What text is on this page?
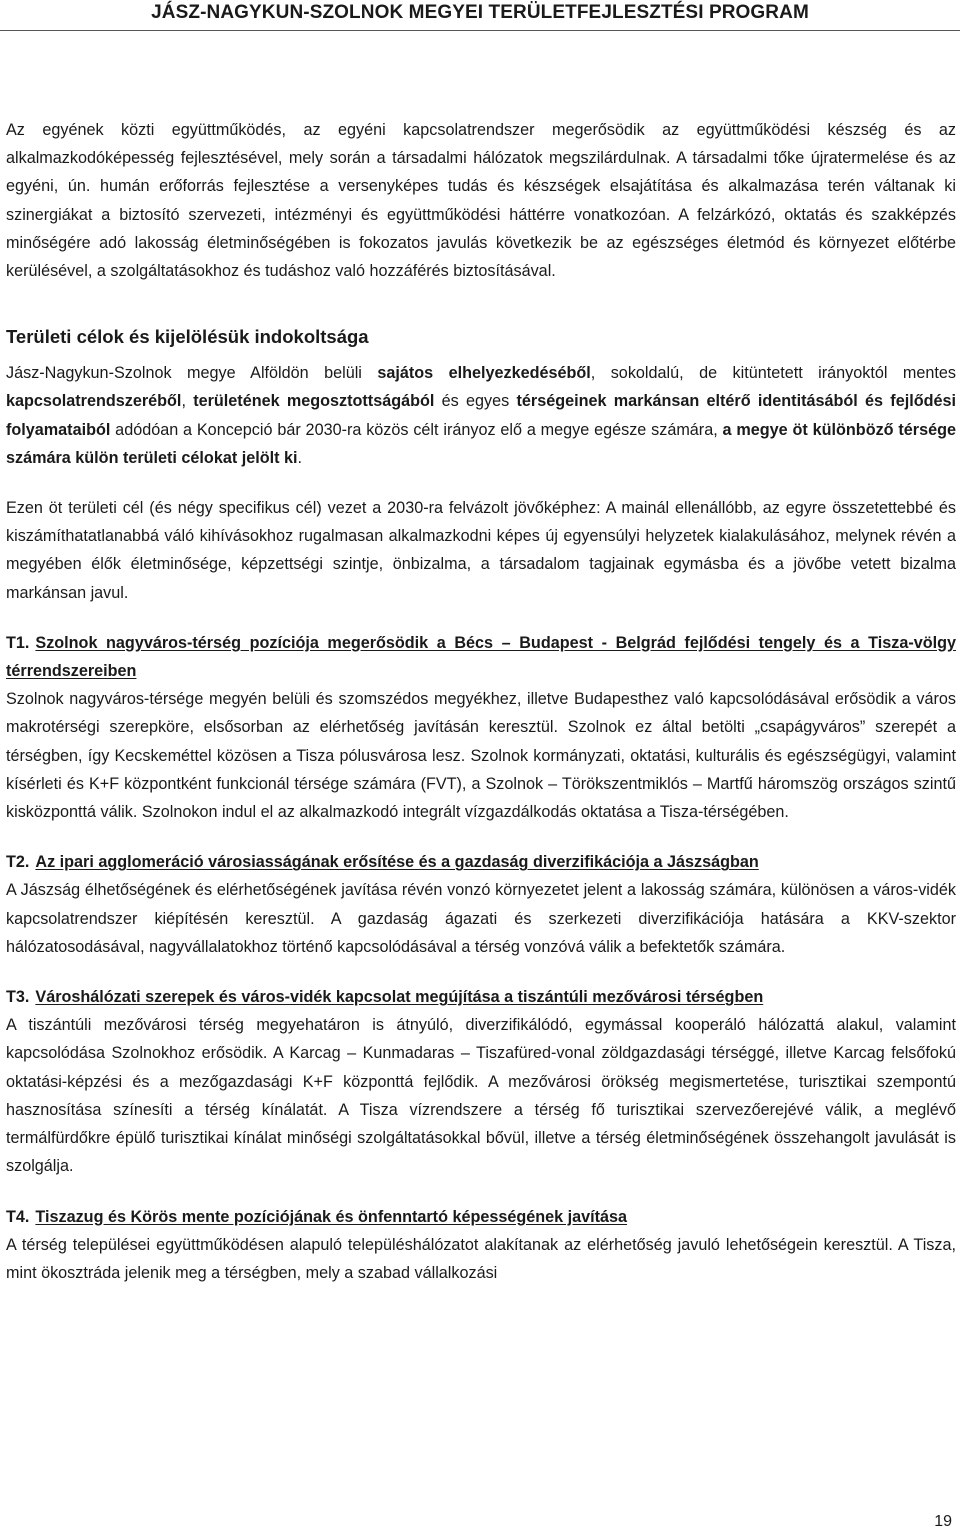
JÁSZ-NAGYKUN-SZOLNOK MEGYEI TERÜLETFEJLESZTÉSI PROGRAM

Az egyének közti együttműködés, az egyéni kapcsolatrendszer megerősödik az együttműködési készség és az alkalmazkodóképesség fejlesztésével, mely során a társadalmi hálózatok megszilárdulnak. A társadalmi tőke újratermelése és az egyéni, ún. humán erőforrás fejlesztése a versenyképes tudás és készségek elsajátítása és alkalmazása terén váltanak ki szinergiákat a biztosító szervezeti, intézményi és együttműködési háttérre vonatkozóan. A felzárkózó, oktatás és szakképzés minőségére adó lakosság életminőségében is fokozatos javulás következik be az egészséges életmód és környezet előtérbe kerülésével, a szolgáltatásokhoz és tudáshoz való hozzáférés biztosításával.

Területi célok és kijelölésük indokoltsága

Jász-Nagykun-Szolnok megye Alföldön belüli sajátos elhelyezkedéséből, sokoldalú, de kitüntetett irányoktól mentes kapcsolatrendszeréből, területének megosztottságából és egyes térségeinek markánsan eltérő identitásából és fejlődési folyamataiból adódóan a Koncepció bár 2030-ra közös célt irányoz elő a megye egésze számára, a megye öt különböző térsége számára külön területi célokat jelölt ki.

Ezen öt területi cél (és négy specifikus cél) vezet a 2030-ra felvázolt jövőképhez: A mainál ellenállóbb, az egyre összetettebbé és kiszámíthatatlanabbá váló kihívásokhoz rugalmasan alkalmazkodni képes új egyensúlyi helyzetek kialakulásához, melynek révén a megyében élők életminősége, képzettségi szintje, önbizalma, a társadalom tagjainak egymásba és a jövőbe vetett bizalma markánsan javul.

T1. Szolnok nagyváros-térség pozíciója megerősödik a Bécs – Budapest - Belgrád fejlődési tengely és a Tisza-völgy térrendszereiben

Szolnok nagyváros-térsége megyén belüli és szomszédos megyékhez, illetve Budapesthez való kapcsolódásával erősödik a város makrotérségi szerepköre, elsősorban az elérhetőség javításán keresztül. Szolnok ez által betölti „csapágyváros” szerepét a térségben, így Kecskeméttel közösen a Tisza pólusvárosa lesz. Szolnok kormányzati, oktatási, kulturális és egészségügyi, valamint kísérleti és K+F központként funkcionál térsége számára (FVT), a Szolnok – Törökszentmiklós – Martfű háromszög országos szintű kisközponttá válik. Szolnokon indul el az alkalmazkodó integrált vízgazdálkodás oktatása a Tisza-térségében.

T2. Az ipari agglomeráció városiasságának erősítése és a gazdaság diverzifikációja a Jászságban

A Jászság élhetőségének és elérhetőségének javítása révén vonzó környezetet jelent a lakosság számára, különösen a város-vidék kapcsolatrendszer kiépítésén keresztül. A gazdaság ágazati és szerkezeti diverzifikációja hatására a KKV-szektor hálózatosodásával, nagyvállalatokhoz történő kapcsolódásával a térség vonzóvá válik a befektetők számára.

T3. Városhálózati szerepek és város-vidék kapcsolat megújítása a tiszántúli mezővárosi térségben

A tiszántúli mezővárosi térség megyehatáron is átnyúló, diverzifikálódó, egymással kooperáló hálózattá alakul, valamint kapcsolódása Szolnokhoz erősödik. A Karcag – Kunmadaras – Tiszafüred-vonal zöldgazdasági térséggé, illetve Karcag felsőfokú oktatási-képzési és a mezőgazdasági K+F központtá fejlődik. A mezővárosi örökség megismertetése, turisztikai szempontú hasznosítása színesíti a térség kínálatát. A Tisza vízrendszere a térség fő turisztikai szervezőerejévé válik, a meglévő termálfürdőkre épülő turisztikai kínálat minőségi szolgáltatásokkal bővül, illetve a térség életminőségének összehangolt javulását is szolgálja.

T4. Tiszazug és Körös mente pozíciójának és önfenntartó képességének javítása

A térség települései együttműködésen alapuló településhálózatot alakítanak az elérhetőség javuló lehetőségein keresztül. A Tisza, mint ökosztráda jelenik meg a térségben, mely a szabad vállalkozási

19
